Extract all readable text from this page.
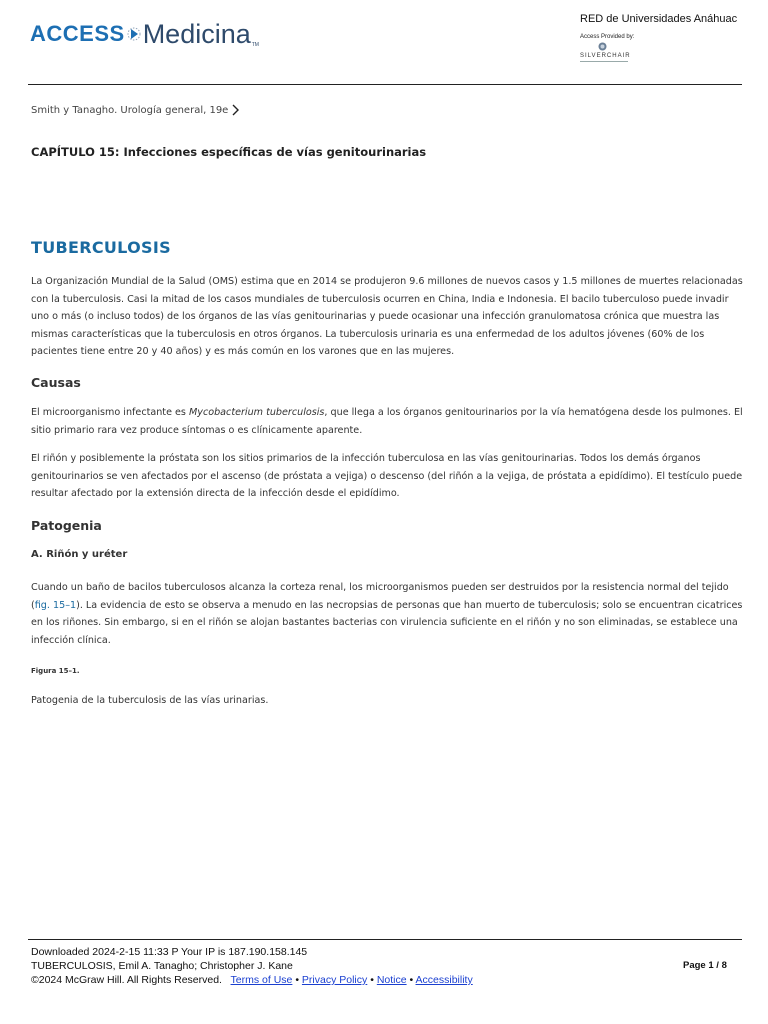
ACCESS Medicina TM
RED de Universidades Anáhuac
Access Provided by:
SILVERCHAIR
Smith y Tanagho. Urología general, 19e
CAPÍTULO 15: Infecciones específicas de vías genitourinarias
TUBERCULOSIS

La Organización Mundial de la Salud (OMS) estima que en 2014 se produjeron 9.6 millones de nuevos casos y 1.5 millones de muertes relacionadas con la tuberculosis. Casi la mitad de los casos mundiales de tuberculosis ocurren en China, India e Indonesia. El bacilo tuberculoso puede invadir uno o más (o incluso todos) de los órganos de las vías genitourinarias y puede ocasionar una infección granulomatosa crónica que muestra las mismas características que la tuberculosis en otros órganos. La tuberculosis urinaria es una enfermedad de los adultos jóvenes (60% de los pacientes tiene entre 20 y 40 años) y es más común en los varones que en las mujeres.

Causas

El microorganismo infectante es Mycobacterium tuberculosis, que llega a los órganos genitourinarios por la vía hematógena desde los pulmones. El sitio primario rara vez produce síntomas o es clínicamente aparente.

El riñón y posiblemente la próstata son los sitios primarios de la infección tuberculosa en las vías genitourinarias. Todos los demás órganos genitourinarios se ven afectados por el ascenso (de próstata a vejiga) o descenso (del riñón a la vejiga, de próstata a epidídimo). El testículo puede resultar afectado por la extensión directa de la infección desde el epidídimo.

Patogenia
A. Riñón y uréter

Cuando un baño de bacilos tuberculosos alcanza la corteza renal, los microorganismos pueden ser destruidos por la resistencia normal del tejido (fig. 15–1). La evidencia de esto se observa a menudo en las necropsias de personas que han muerto de tuberculosis; solo se encuentran cicatrices en los riñones. Sin embargo, si en el riñón se alojan bastantes bacterias con virulencia suficiente en el riñón y no son eliminadas, se establece una infección clínica.

Figura 15–1.
Patogenia de la tuberculosis de las vías urinarias.
Downloaded 2024-2-15 11:33 P Your IP is 187.190.158.145
TUBERCULOSIS, Emil A. Tanagho; Christopher J. Kane
©2024 McGraw Hill. All Rights Reserved. Terms of Use • Privacy Policy • Notice • Accessibility
Page 1 / 8
